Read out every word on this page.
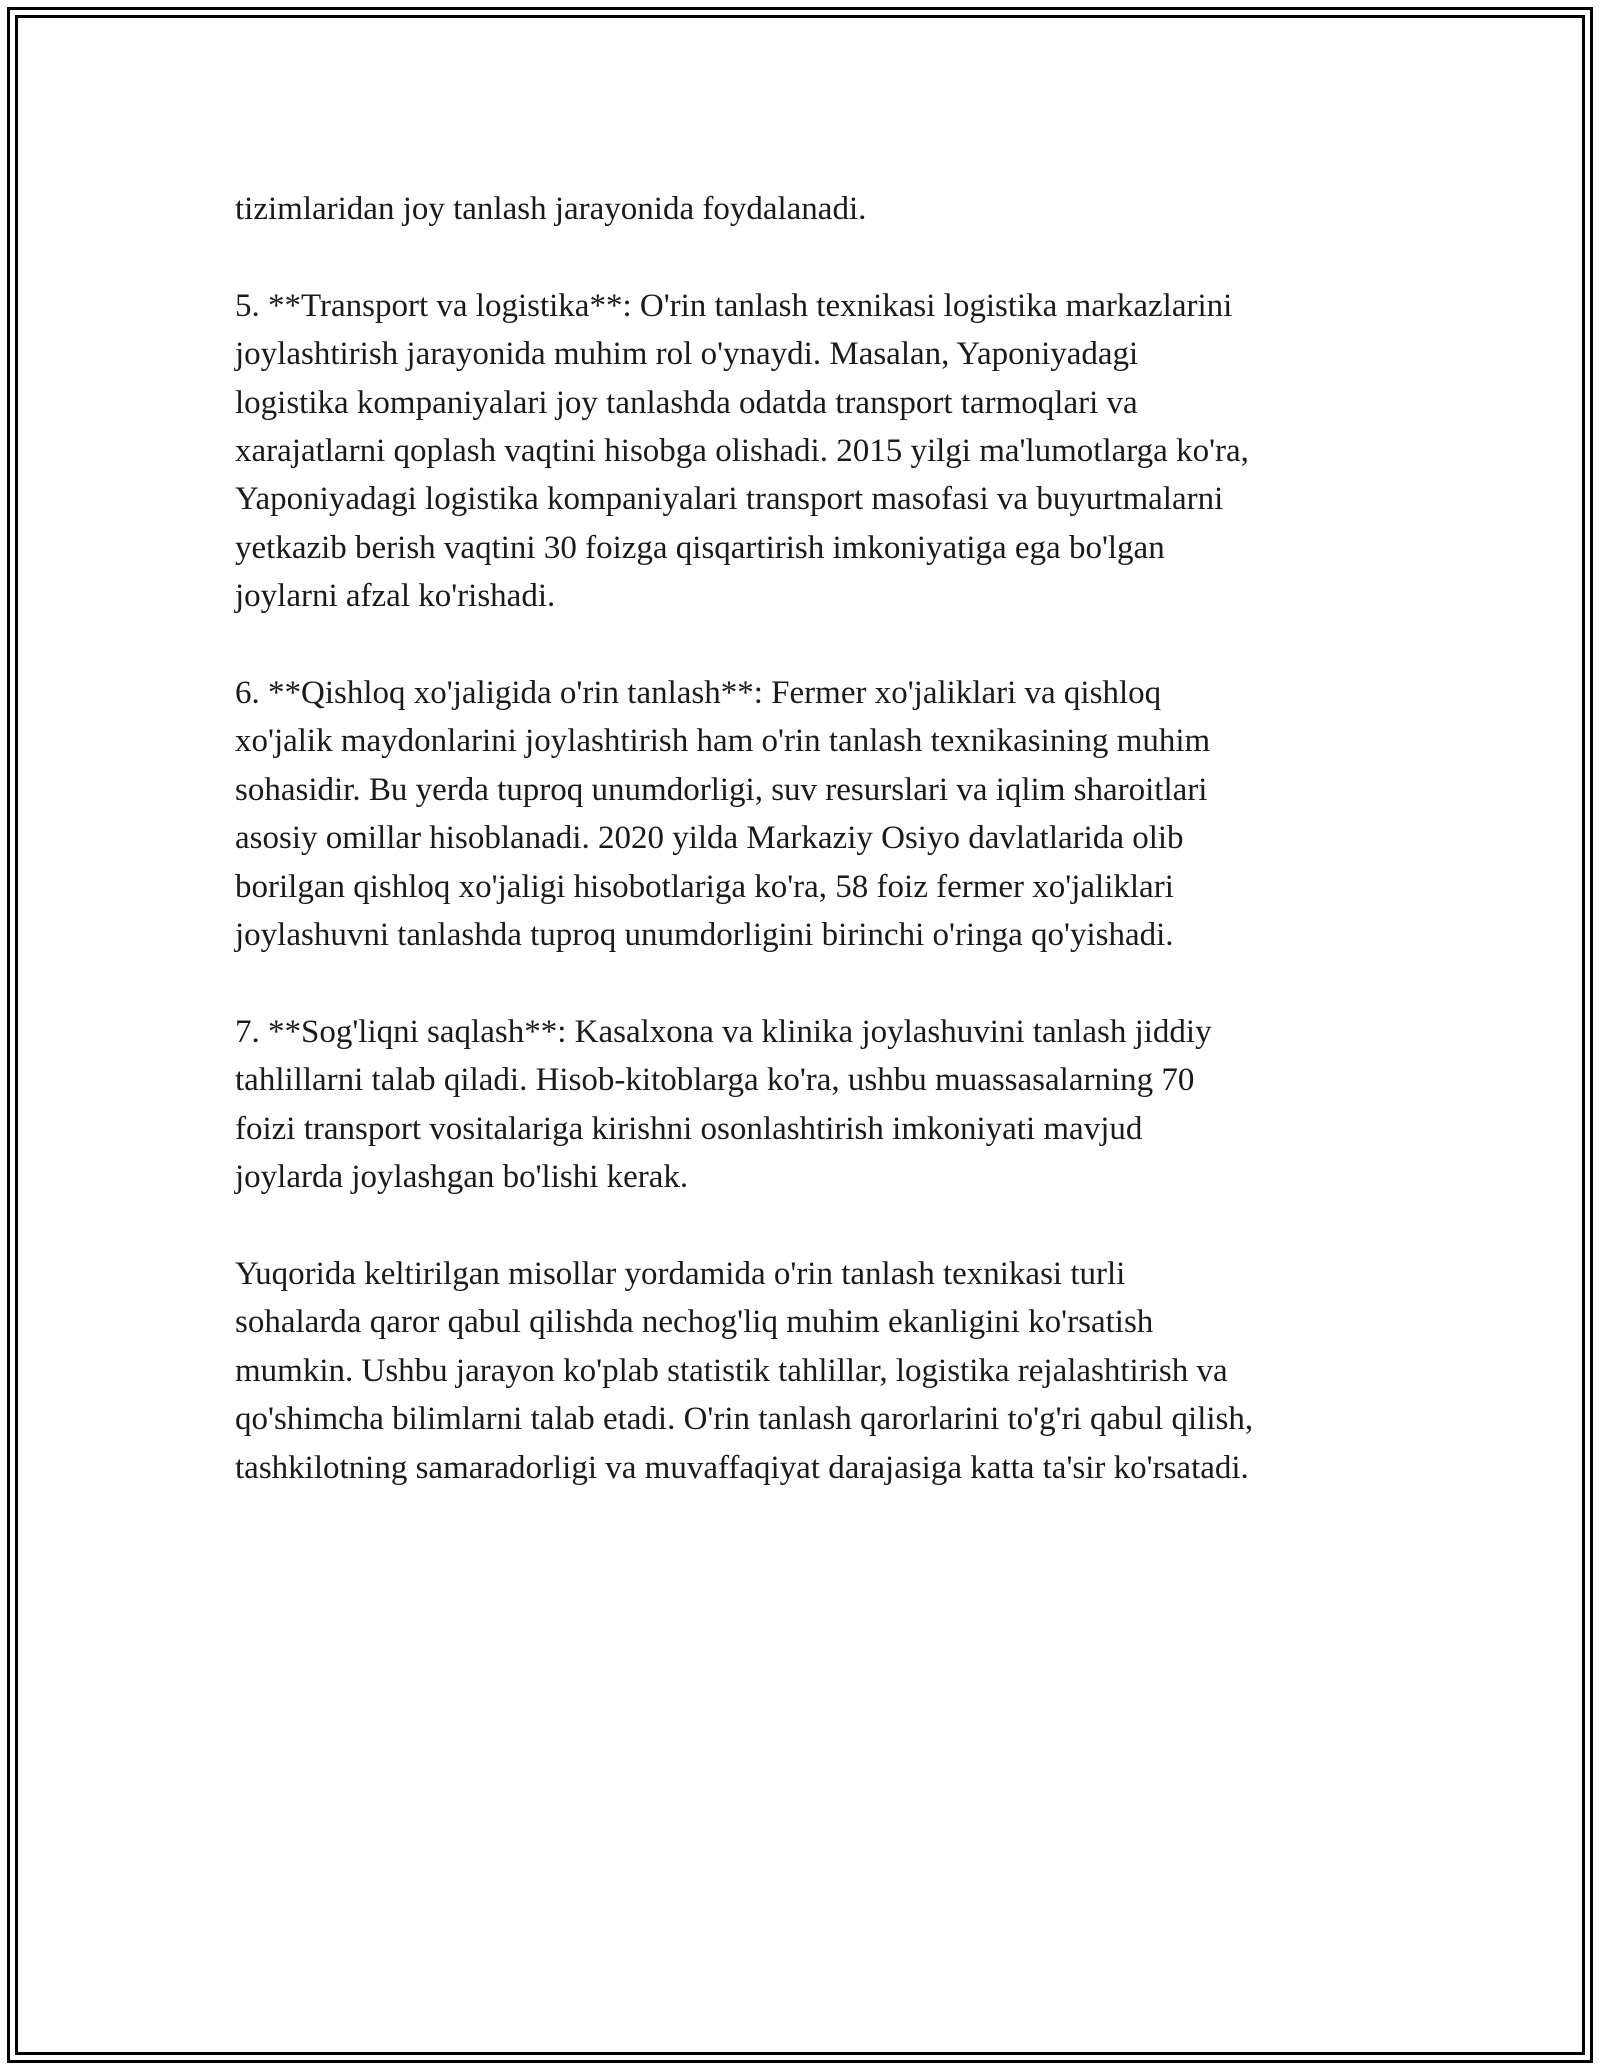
tizimlaridan joy tanlash jarayonida foydalanadi.
5. **Transport va logistika**: O'rin tanlash texnikasi logistika markazlarini
joylashtirish jarayonida muhim rol o'ynaydi. Masalan, Yaponiyadagi
logistika kompaniyalari joy tanlashda odatda transport tarmoqlari va
xarajatlarni qoplash vaqtini hisobga olishadi. 2015 yilgi ma'lumotlarga ko'ra,
Yaponiyadagi logistika kompaniyalari transport masofasi va buyurtmalarni
yetkazib berish vaqtini 30 foizga qisqartirish imkoniyatiga ega bo'lgan
joylarni afzal ko'rishadi.
6. **Qishloq xo'jaligida o'rin tanlash**: Fermer xo'jaliklari va qishloq
xo'jalik maydonlarini joylashtirish ham o'rin tanlash texnikasining muhim
sohasidir. Bu yerda tuproq unumdorligi, suv resurslari va iqlim sharoitlari
asosiy omillar hisoblanadi. 2020 yilda Markaziy Osiyo davlatlarida olib
borilgan qishloq xo'jaligi hisobotlariga ko'ra, 58 foiz fermer xo'jaliklari
joylashuvni tanlashda tuproq unumdorligini birinchi o'ringa qo'yishadi.
7. **Sog'liqni saqlash**: Kasalxona va klinika joylashuvini tanlash jiddiy
tahlillarni talab qiladi. Hisob-kitoblarga ko'ra, ushbu muassasalarning 70
foizi transport vositalariga kirishni osonlashtirish imkoniyati mavjud
joylarda joylashgan bo'lishi kerak.
Yuqorida keltirilgan misollar yordamida o'rin tanlash texnikasi turli
sohalarda qaror qabul qilishda nechog'liq muhim ekanligini ko'rsatish
mumkin. Ushbu jarayon ko'plab statistik tahlillar, logistika rejalashtirish va
qo'shimcha bilimlarni talab etadi. O'rin tanlash qarorlarini to'g'ri qabul qilish,
tashkilotning samaradorligi va muvaffaqiyat darajasiga katta ta'sir ko'rsatadi.
